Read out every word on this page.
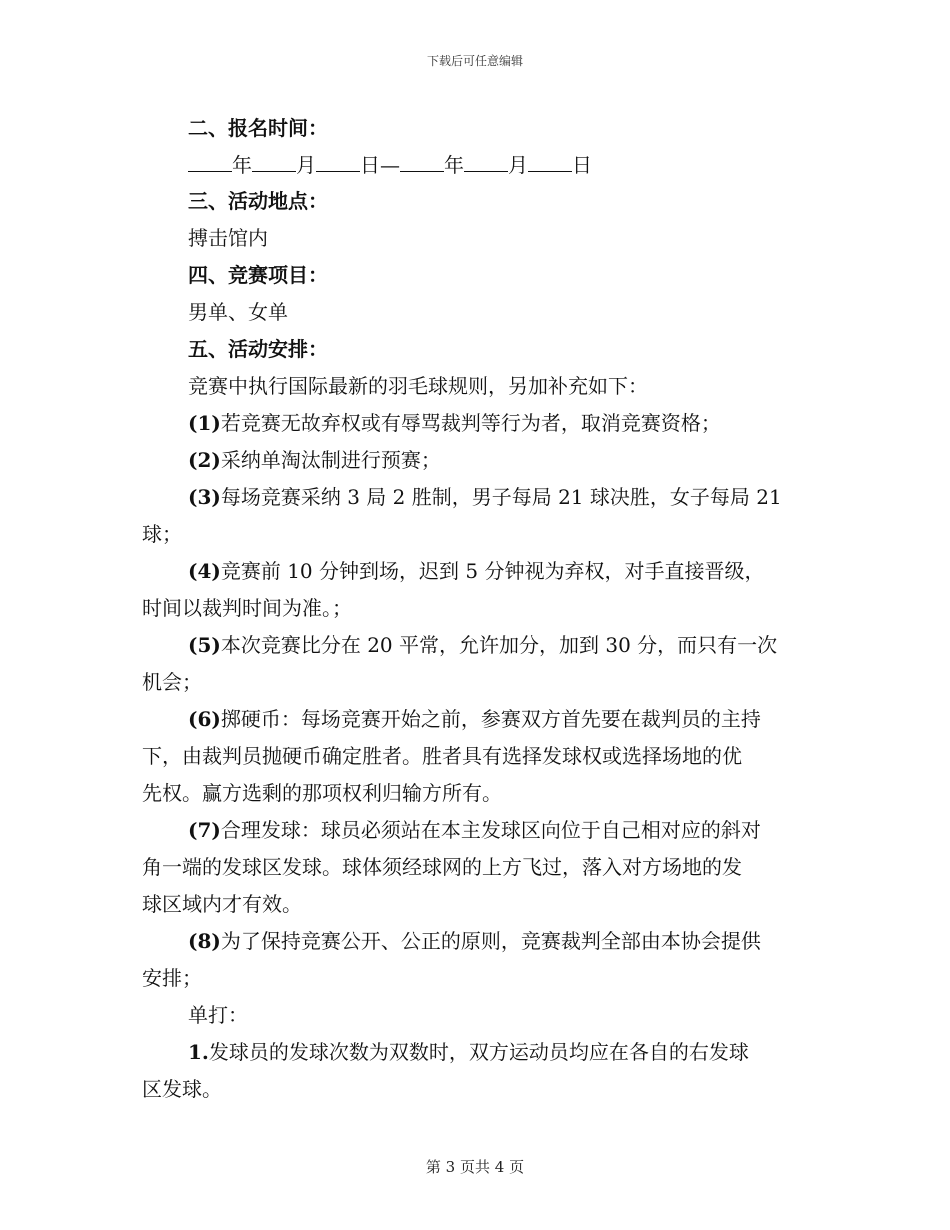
下载后可任意编辑
二、报名时间：
年 月 日— 年 月 日
三、活动地点：
搏击馆内
四、竞赛项目：
男单、女单
五、活动安排：
竞赛中执行国际最新的羽毛球规则，另加补充如下：
(1)若竞赛无故弃权或有辱骂裁判等行为者，取消竞赛资格；
(2)采纳单淘汰制进行预赛；
(3)每场竞赛采纳 3 局 2 胜制，男子每局 21 球决胜，女子每局 21
球；
(4)竞赛前 10 分钟到场，迟到 5 分钟视为弃权，对手直接晋级，
时间以裁判时间为准。；
(5)本次竞赛比分在 20 平常，允许加分，加到 30 分，而只有一次
机会；
(6)掷硬币：每场竞赛开始之前，参赛双方首先要在裁判员的主持
下，由裁判员抛硬币确定胜者。胜者具有选择发球权或选择场地的优
先权。赢方选剩的那项权利归输方所有。
(7)合理发球：球员必须站在本主发球区向位于自己相对应的斜对
角一端的发球区发球。球体须经球网的上方飞过，落入对方场地的发
球区域内才有效。
(8)为了保持竞赛公开、公正的原则，竞赛裁判全部由本协会提供
安排；
单打：
1.发球员的发球次数为双数时，双方运动员均应在各自的右发球
区发球。
第 3 页共 4 页
